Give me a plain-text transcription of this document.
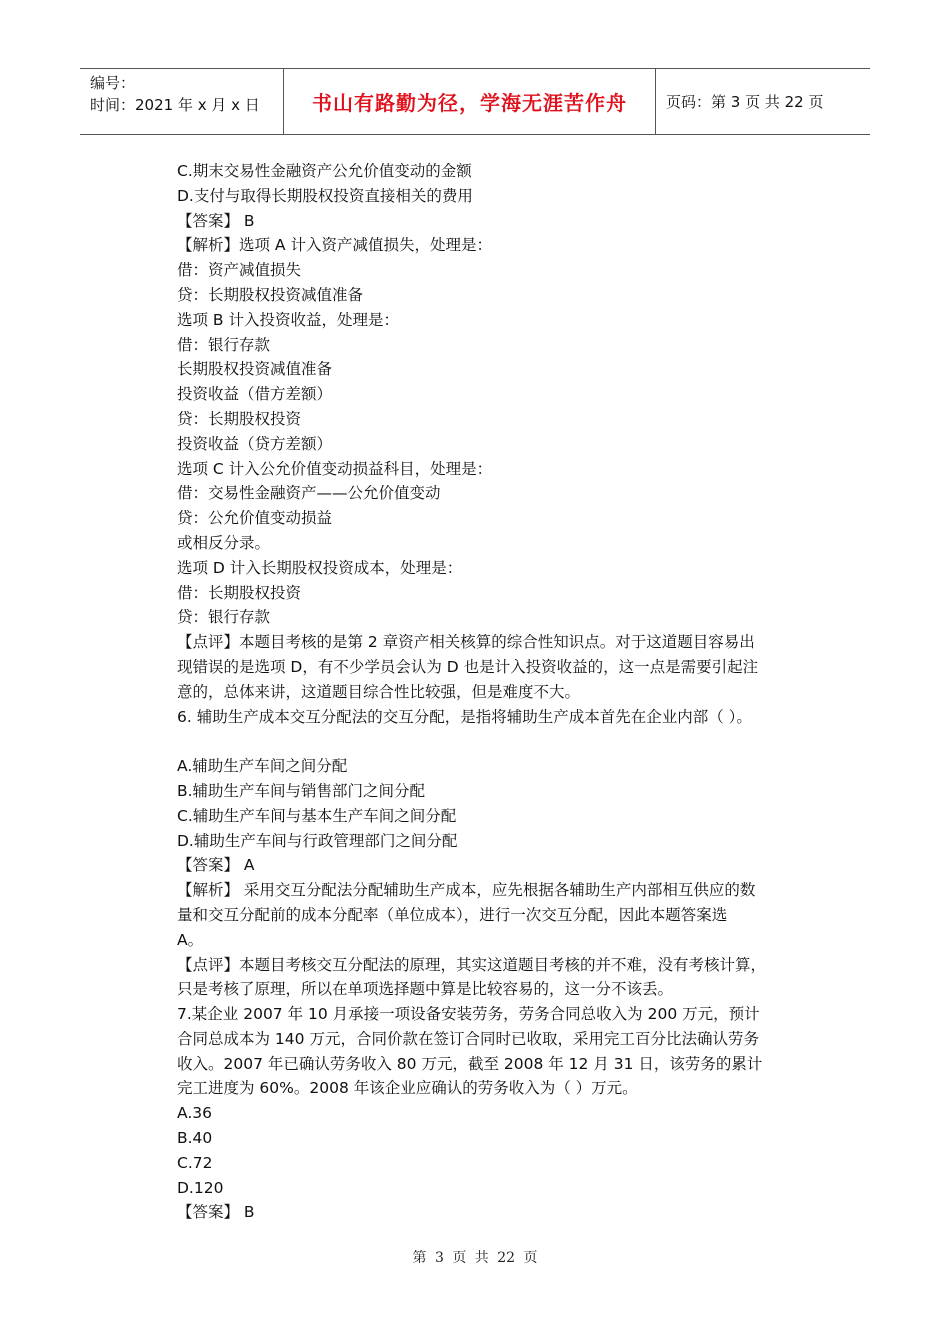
编号：
时间：2021 年 x 月 x 日	书山有路勤为径，学海无涯苦作舟	页码：第 3 页 共 22 页
C.期末交易性金融资产公允价值变动的金额
D.支付与取得长期股权投资直接相关的费用
【答案】 B
【解析】选项 A 计入资产减值损失，处理是：
借：资产减值损失
贷：长期股权投资减值准备
选项 B 计入投资收益，处理是：
借：银行存款
长期股权投资减值准备
投资收益（借方差额）
贷：长期股权投资
投资收益（贷方差额）
选项 C 计入公允价值变动损益科目，处理是：
借：交易性金融资产——公允价值变动
贷：公允价值变动损益
或相反分录。
选项 D 计入长期股权投资成本，处理是：
借：长期股权投资
贷：银行存款
【点评】本题目考核的是第 2 章资产相关核算的综合性知识点。对于这道题目容易出
现错误的是选项 D，有不少学员会认为 D 也是计入投资收益的，这一点是需要引起注
意的，总体来讲，这道题目综合性比较强，但是难度不大。
6. 辅助生产成本交互分配法的交互分配，是指将辅助生产成本首先在企业内部（ ）。
A.辅助生产车间之间分配
B.辅助生产车间与销售部门之间分配
C.辅助生产车间与基本生产车间之间分配
D.辅助生产车间与行政管理部门之间分配
【答案】 A
【解析】 采用交互分配法分配辅助生产成本，应先根据各辅助生产内部相互供应的数
量和交互分配前的成本分配率（单位成本），进行一次交互分配，因此本题答案选
A。
【点评】本题目考核交互分配法的原理，其实这道题目考核的并不难，没有考核计算，
只是考核了原理，所以在单项选择题中算是比较容易的，这一分不该丢。
7.某企业 2007 年 10 月承接一项设备安装劳务，劳务合同总收入为 200 万元，预计
合同总成本为 140 万元，合同价款在签订合同时已收取，采用完工百分比法确认劳务
收入。2007 年已确认劳务收入 80 万元，截至 2008 年 12 月 31 日，该劳务的累计
完工进度为 60%。2008 年该企业应确认的劳务收入为（ ）万元。
A.36
B.40
C.72
D.120
【答案】 B
第 3 页 共 22 页
